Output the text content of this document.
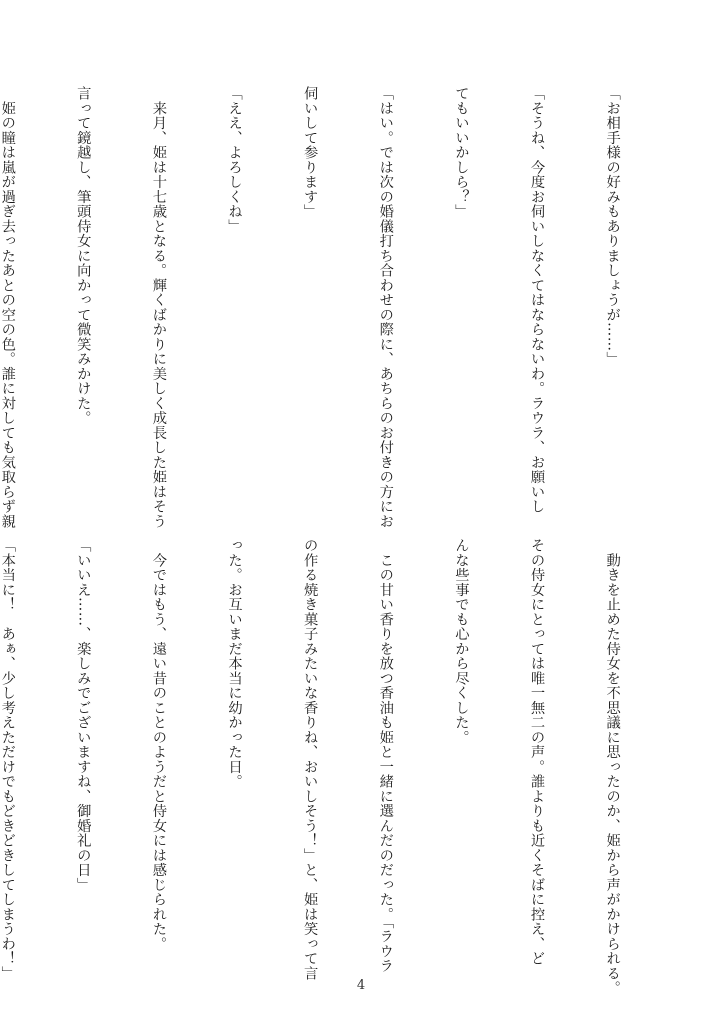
「お相手様の好みもありましょうが……」

「そうね、今度お伺いしなくてはならないわ。ラウラ、お願いし

てもいいかしら？」

「はい。では次の婚儀打ち合わせの際に、あちらのお付きの方にお

伺いして参ります」

「ええ、よろしくね」

　来月、姫は十七歳となる。輝くばかりに美しく成長した姫はそう

言って鏡越し、筆頭侍女に向かって微笑みかけた。

　姫の瞳は嵐が過ぎ去ったあとの空の色。誰に対しても気取らず親

　動きを止めた侍女を不思議に思ったのか、姫から声がかけられる。

その侍女にとっては唯一無二の声。誰よりも近くそばに控え、ど

んな些事でも心から尽くした。

　この甘い香りを放つ香油も姫と一緒に選んだのだった。「ラウラ

の作る焼き菓子みたいな香りね、おいしそう！」と、姫は笑って言

った。お互いまだ本当に幼かった日。

　今ではもう、遠い昔のことのようだと侍女には感じられた。

「いいえ……、楽しみでございますね、御婚礼の日」

「本当に！　あぁ、少し考えただけでもどきどきしてしまうわ！」

4
